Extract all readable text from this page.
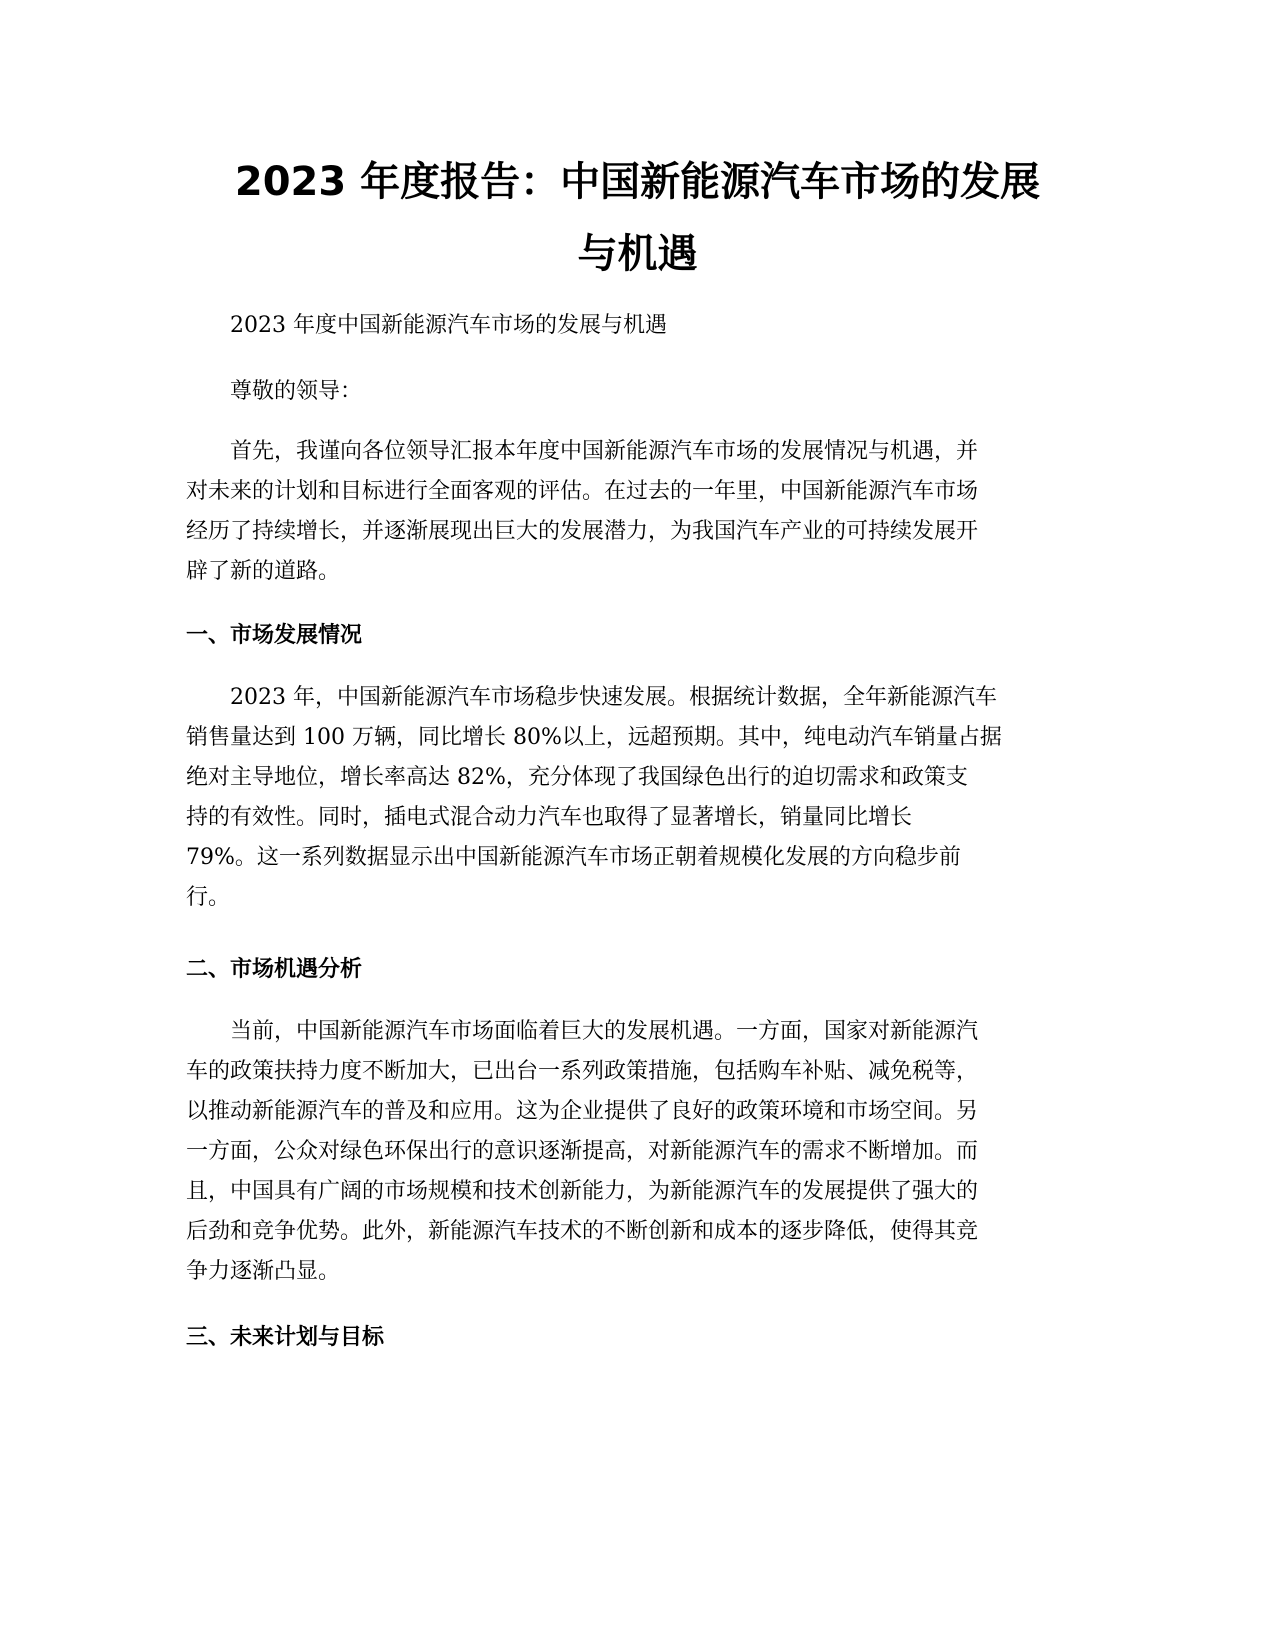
2023 年度报告：中国新能源汽车市场的发展
与机遇

2023 年度中国新能源汽车市场的发展与机遇

尊敬的领导：

首先，我谨向各位领导汇报本年度中国新能源汽车市场的发展情况与机遇，并
对未来的计划和目标进行全面客观的评估。在过去的一年里，中国新能源汽车市场
经历了持续增长，并逐渐展现出巨大的发展潜力，为我国汽车产业的可持续发展开
辟了新的道路。

一、市场发展情况

2023 年，中国新能源汽车市场稳步快速发展。根据统计数据，全年新能源汽车
销售量达到 100 万辆，同比增长 80%以上，远超预期。其中，纯电动汽车销量占据
绝对主导地位，增长率高达 82%，充分体现了我国绿色出行的迫切需求和政策支
持的有效性。同时，插电式混合动力汽车也取得了显著增长，销量同比增长
79%。这一系列数据显示出中国新能源汽车市场正朝着规模化发展的方向稳步前
行。

二、市场机遇分析

当前，中国新能源汽车市场面临着巨大的发展机遇。一方面，国家对新能源汽
车的政策扶持力度不断加大，已出台一系列政策措施，包括购车补贴、减免税等，
以推动新能源汽车的普及和应用。这为企业提供了良好的政策环境和市场空间。另
一方面，公众对绿色环保出行的意识逐渐提高，对新能源汽车的需求不断增加。而
且，中国具有广阔的市场规模和技术创新能力，为新能源汽车的发展提供了强大的
后劲和竞争优势。此外，新能源汽车技术的不断创新和成本的逐步降低，使得其竞
争力逐渐凸显。

三、未来计划与目标
